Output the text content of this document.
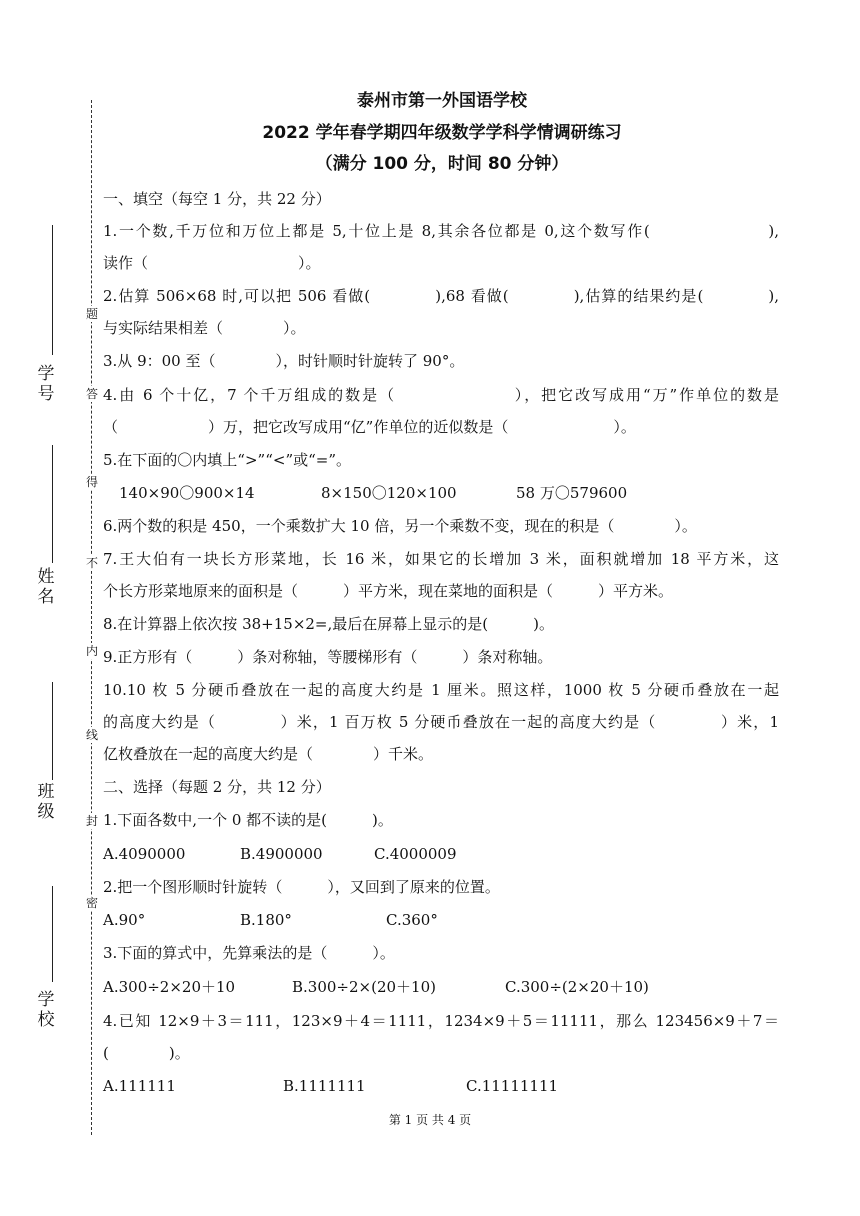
题
答
得
不
内
线
封
密
学
号
姓
名
班
级
学
校
泰州市第一外国语学校
2022 学年春学期四年级数学学科学情调研练习
（满分 100 分，时间 80 分钟）
一、填空（每空 1 分，共 22 分）
1.一个数,千万位和万位上都是 5,十位上是 8,其余各位都是 0,这个数写作(　　　　　　　),
读作（　　　　　　　　　　）。
2.估算 506×68 时,可以把 506 看做(　　　　),68 看做(　　　　),估算的结果约是(　　　　),
与实际结果相差（　　　　）。
3.从 9：00 至（　　　　），时针顺时针旋转了 90°。
4.由 6 个十亿，7 个千万组成的数是（　　　　　　　），把它改写成用“万”作单位的数是
（　　　　　　）万，把它改写成用“亿”作单位的近似数是（　　　　　　　）。
5.在下面的〇内填上“>”“<”或“=”。
140×90〇900×14	8×150〇120×100	58 万〇579600
6.两个数的积是 450，一个乘数扩大 10 倍，另一个乘数不变，现在的积是（　　　　）。
7.王大伯有一块长方形菜地，长 16 米，如果它的长增加 3 米，面积就增加 18 平方米，这
个长方形菜地原来的面积是（　　　）平方米，现在菜地的面积是（　　　）平方米。
8.在计算器上依次按 38+15×2=,最后在屏幕上显示的是(　　　)。
9.正方形有（　　　）条对称轴，等腰梯形有（　　　）条对称轴。
10.10 枚 5 分硬币叠放在一起的高度大约是 1 厘米。照这样，1000 枚 5 分硬币叠放在一起
的高度大约是（　　　　）米，1 百万枚 5 分硬币叠放在一起的高度大约是（　　　　）米，1
亿枚叠放在一起的高度大约是（　　　　）千米。
二、选择（每题 2 分，共 12 分）
1.下面各数中,一个 0 都不读的是(　　　)。
A.4090000	B.4900000	C.4000009
2.把一个图形顺时针旋转（　　　），又回到了原来的位置。
A.90°	B.180°	C.360°
3.下面的算式中，先算乘法的是（　　　）。
A.300÷2×20＋10	B.300÷2×(20＋10)	C.300÷(2×20＋10)
4.已知 12×9＋3＝111，123×9＋4＝1111，1234×9＋5＝11111，那么 123456×9＋7＝
(　　　　)。
A.111111	B.1111111	C.11111111
第 1 页 共 4 页
